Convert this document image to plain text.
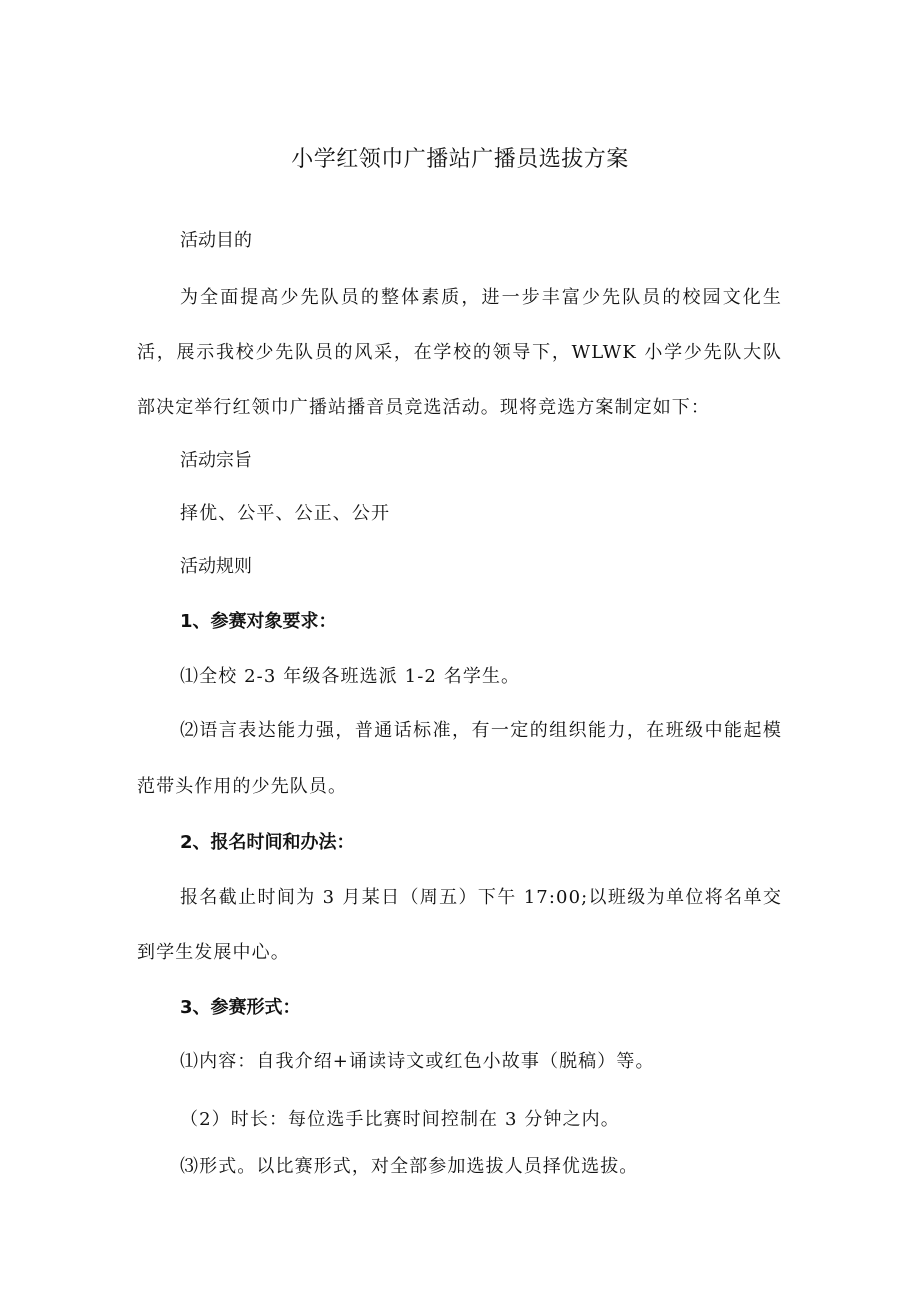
小学红领巾广播站广播员选拔方案
活动目的
为全面提高少先队员的整体素质，进一步丰富少先队员的校园文化生
活，展示我校少先队员的风采，在学校的领导下，WLWK 小学少先队大队
部决定举行红领巾广播站播音员竞选活动。现将竞选方案制定如下：
活动宗旨
择优、公平、公正、公开
活动规则
1、参赛对象要求：
⑴全校 2-3 年级各班选派 1-2 名学生。
⑵语言表达能力强，普通话标准，有一定的组织能力，在班级中能起模
范带头作用的少先队员。
2、报名时间和办法：
报名截止时间为 3 月某日（周五）下午 17:00;以班级为单位将名单交
到学生发展中心。
3、参赛形式：
⑴内容：自我介绍+诵读诗文或红色小故事（脱稿）等。
（2）时长：每位选手比赛时间控制在 3 分钟之内。
⑶形式。以比赛形式，对全部参加选拔人员择优选拔。
